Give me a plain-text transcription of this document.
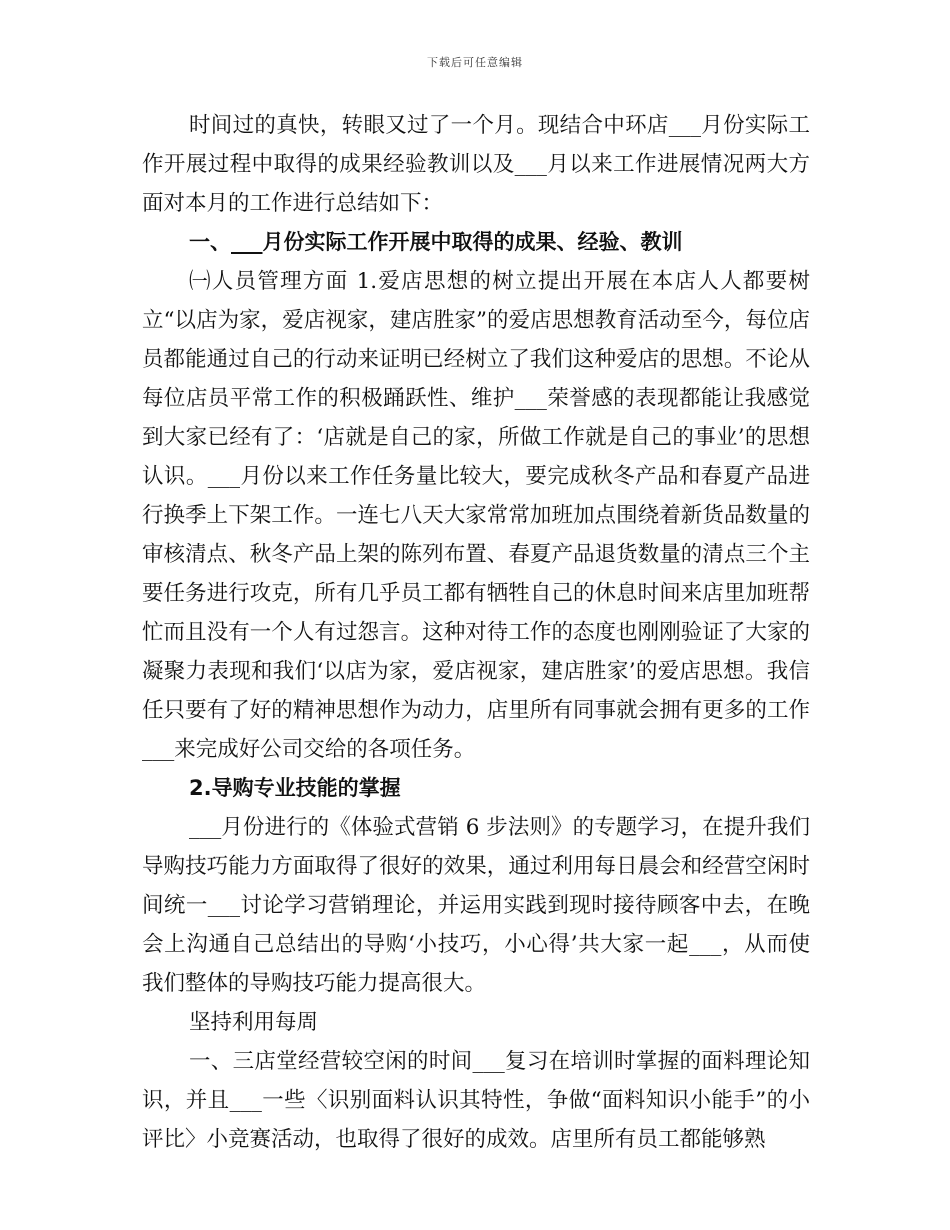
下载后可任意编辑

时间过的真快，转眼又过了一个月。现结合中环店___月份实际工作开展过程中取得的成果经验教训以及___月以来工作进展情况两大方面对本月的工作进行总结如下：

一、___月份实际工作开展中取得的成果、经验、教训

㈠人员管理方面 1.爱店思想的树立提出开展在本店人人都要树立“以店为家，爱店视家，建店胜家”的爱店思想教育活动至今，每位店员都能通过自己的行动来证明已经树立了我们这种爱店的思想。不论从每位店员平常工作的积极踊跃性、维护___荣誉感的表现都能让我感觉到大家已经有了：‘店就是自己的家，所做工作就是自己的事业’的思想认识。___月份以来工作任务量比较大，要完成秋冬产品和春夏产品进行换季上下架工作。一连七八天大家常常加班加点围绕着新货品数量的审核清点、秋冬产品上架的陈列布置、春夏产品退货数量的清点三个主要任务进行攻克，所有几乎员工都有牺牲自己的休息时间来店里加班帮忙而且没有一个人有过怨言。这种对待工作的态度也刚刚验证了大家的凝聚力表现和我们‘以店为家，爱店视家，建店胜家’的爱店思想。我信任只要有了好的精神思想作为动力，店里所有同事就会拥有更多的工作___来完成好公司交给的各项任务。

2.导购专业技能的掌握

___月份进行的《体验式营销 6 步法则》的专题学习，在提升我们导购技巧能力方面取得了很好的效果，通过利用每日晨会和经营空闲时间统一___讨论学习营销理论，并运用实践到现时接待顾客中去，在晚会上沟通自己总结出的导购‘小技巧，小心得’共大家一起___，从而使我们整体的导购技巧能力提高很大。

坚持利用每周

一、三店堂经营较空闲的时间___复习在培训时掌握的面料理论知识，并且___一些〈识别面料认识其特性，争做“面料知识小能手”的小评比〉小竞赛活动，也取得了很好的成效。店里所有员工都能够熟
